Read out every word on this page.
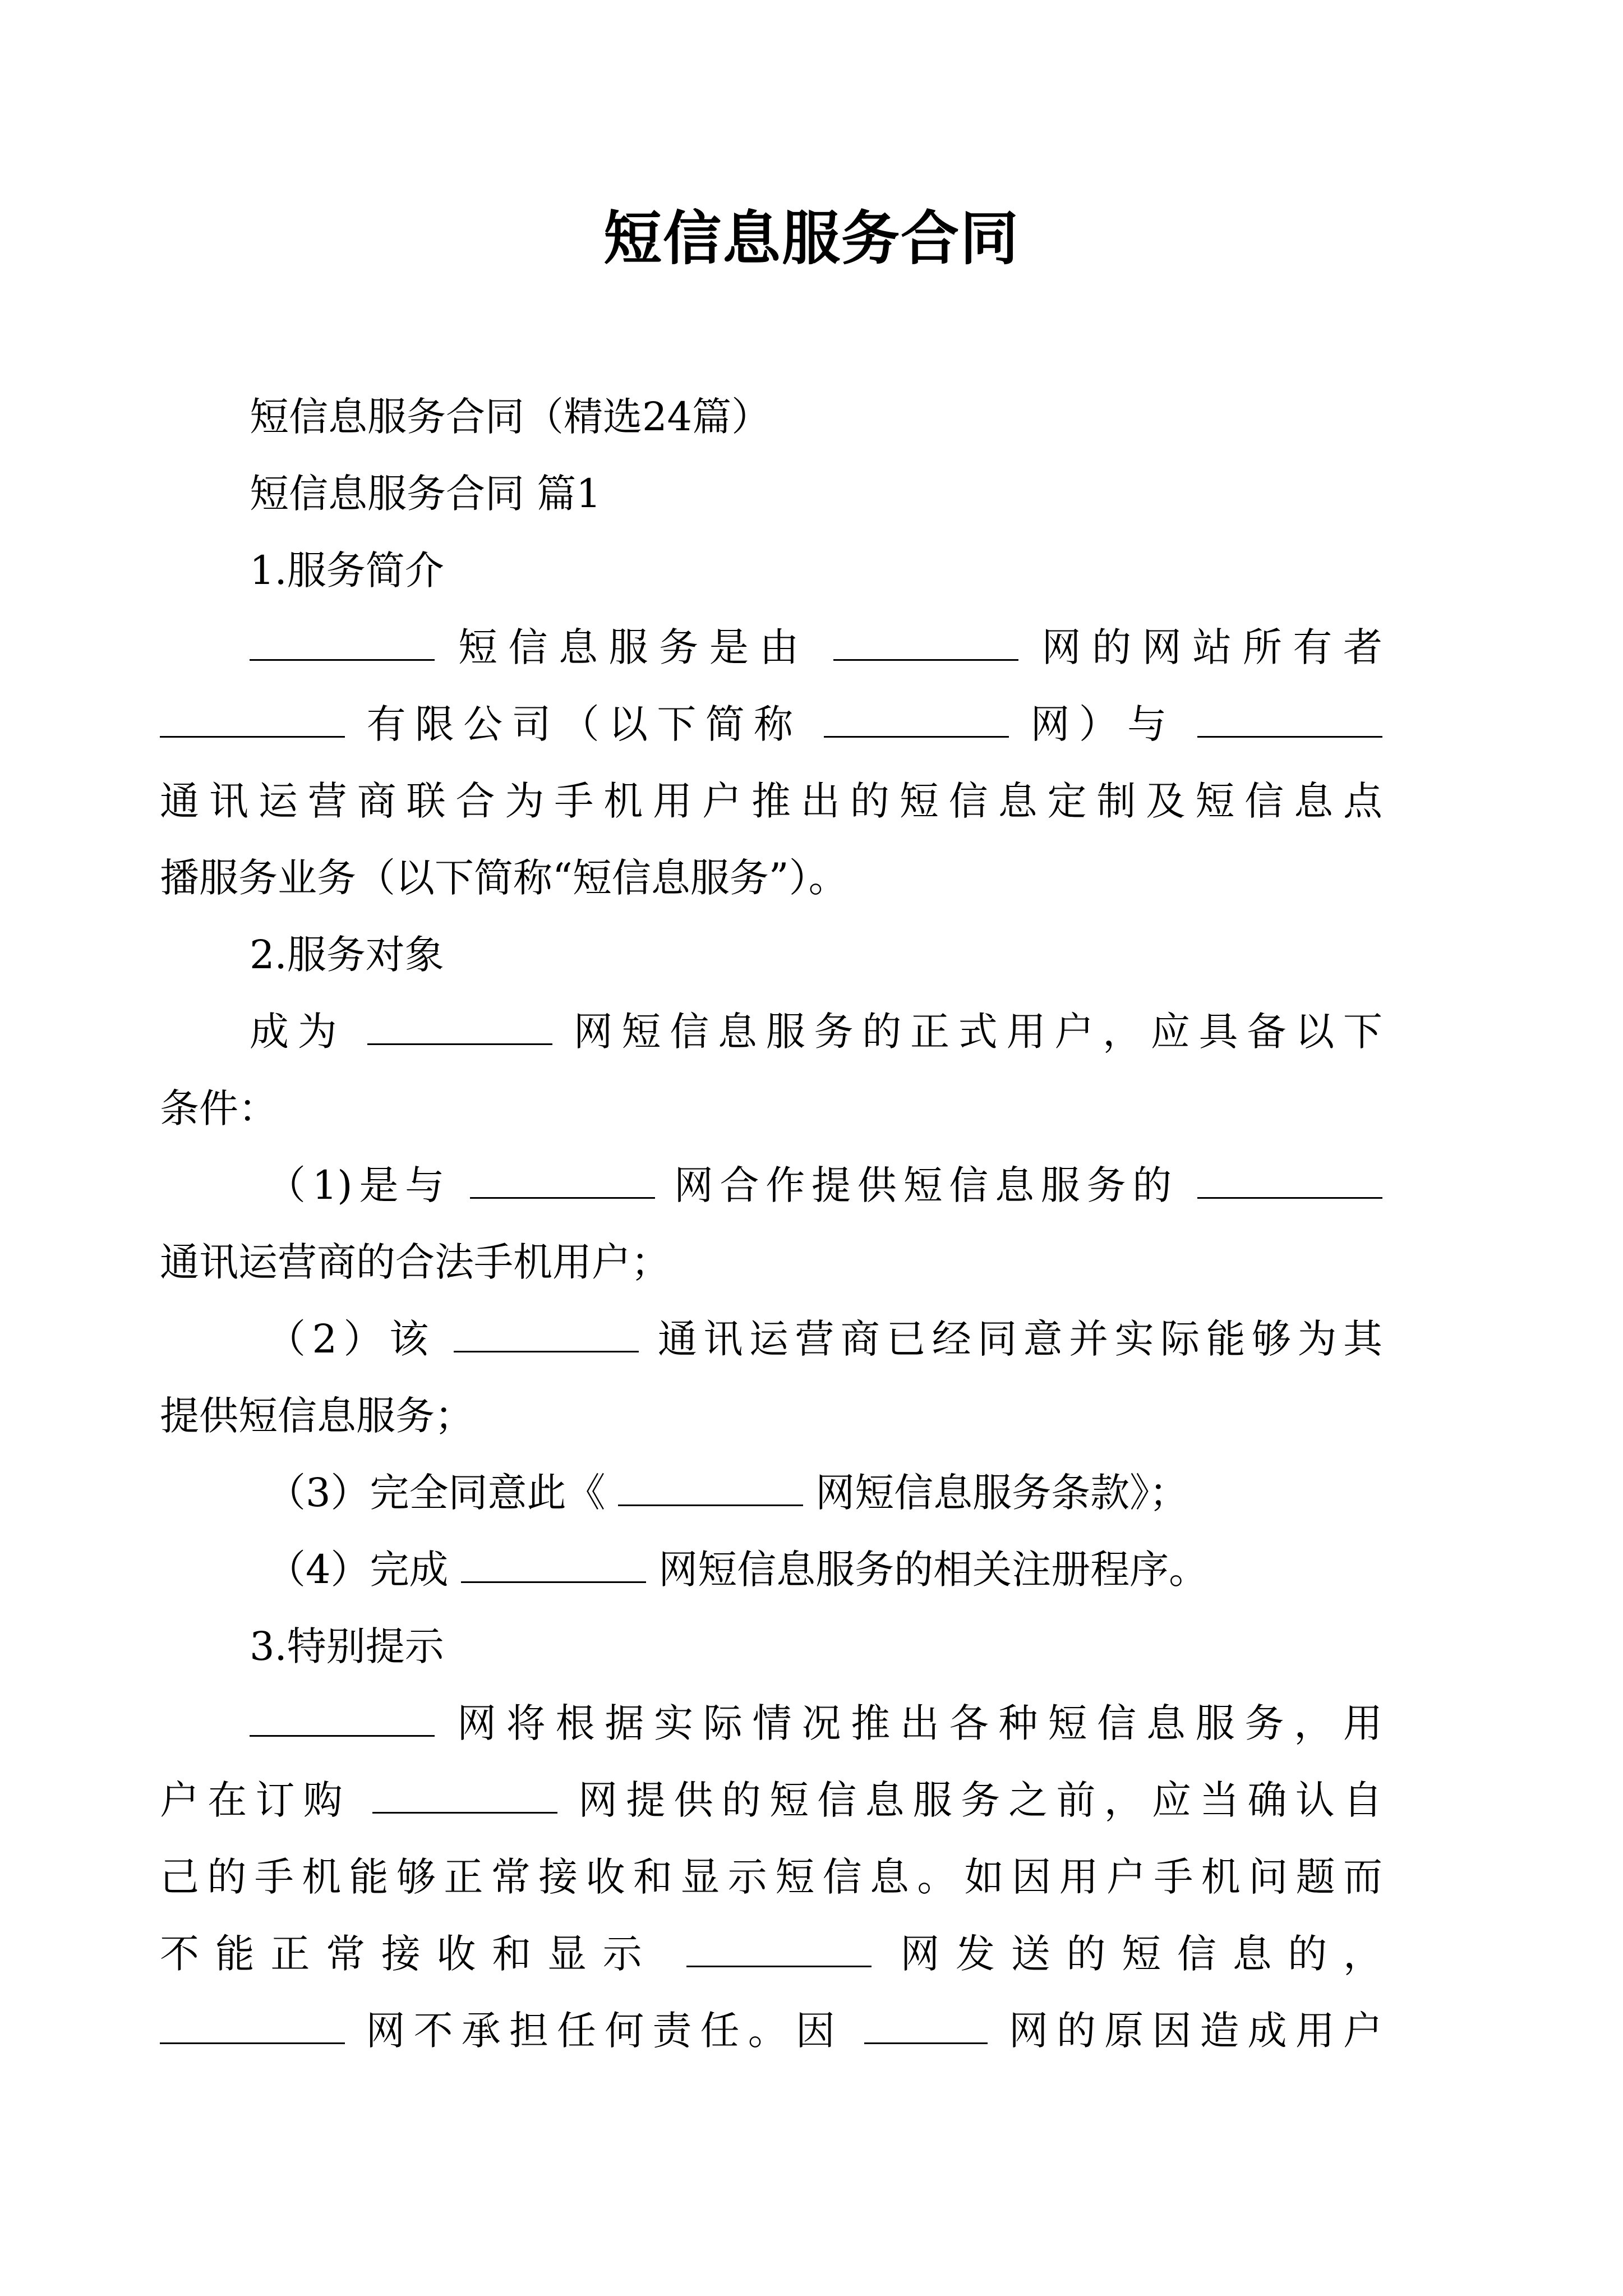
短信息服务合同
短信息服务合同（精选24篇）
短信息服务合同 篇1
1.服务简介
短信息服务是由	网的网站所有者
有限公司（以下简称	网）与
通讯运营商联合为手机用户推出的短信息定制及短信息点
播服务业务（以下简称“短信息服务”）。
2.服务对象
成为	网短信息服务的正式用户，应具备以下
条件：
（1)是与	网合作提供短信息服务的
通讯运营商的合法手机用户；
（2）该	通讯运营商已经同意并实际能够为其
提供短信息服务；
（3）完全同意此《	网短信息服务条款》；
（4）完成	网短信息服务的相关注册程序。
3.特别提示
网将根据实际情况推出各种短信息服务，用
户在订购	网提供的短信息服务之前，应当确认自
己的手机能够正常接收和显示短信息。如因用户手机问题而
不能正常接收和显示	网发送的短信息的，
网不承担任何责任。因	网的原因造成用户
